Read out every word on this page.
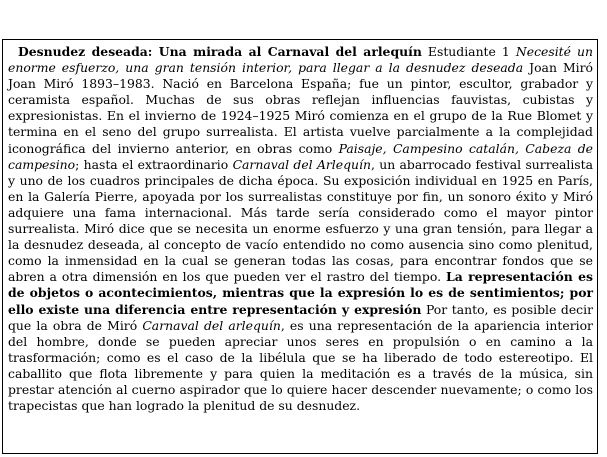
Desnudez deseada: Una mirada al Carnaval del arlequín Estudiante 1 Necesité un enorme esfuerzo, una gran tensión interior, para llegar a la desnudez deseada Joan Miró Joan Miró 1893–1983. Nació en Barcelona España; fue un pintor, escultor, grabador y ceramista español. Muchas de sus obras reflejan influencias fauvistas, cubistas y expresionistas. En el invierno de 1924–1925 Miró comienza en el grupo de la Rue Blomet y termina en el seno del grupo surrealista. El artista vuelve parcialmente a la complejidad iconográfica del invierno anterior, en obras como Paisaje, Campesino catalán, Cabeza de campesino; hasta el extraordinario Carnaval del Arlequín, un abarrocado festival surrealista y uno de los cuadros principales de dicha época. Su exposición individual en 1925 en París, en la Galería Pierre, apoyada por los surrealistas constituye por fin, un sonoro éxito y Miró adquiere una fama internacional. Más tarde sería considerado como el mayor pintor surrealista. Miró dice que se necesita un enorme esfuerzo y una gran tensión, para llegar a la desnudez deseada, al concepto de vacío entendido no como ausencia sino como plenitud, como la inmensidad en la cual se generan todas las cosas, para encontrar fondos que se abren a otra dimensión en los que pueden ver el rastro del tiempo. La representación es de objetos o acontecimientos, mientras que la expresión lo es de sentimientos; por ello existe una diferencia entre representación y expresión Por tanto, es posible decir que la obra de Miró Carnaval del arlequín, es una representación de la apariencia interior del hombre, donde se pueden apreciar unos seres en propulsión o en camino a la trasformación; como es el caso de la libélula que se ha liberado de todo estereotipo. El caballito que flota libremente y para quien la meditación es a través de la música, sin prestar atención al cuerno aspirador que lo quiere hacer descender nuevamente; o como los trapecistas que han logrado la plenitud de su desnudez.
